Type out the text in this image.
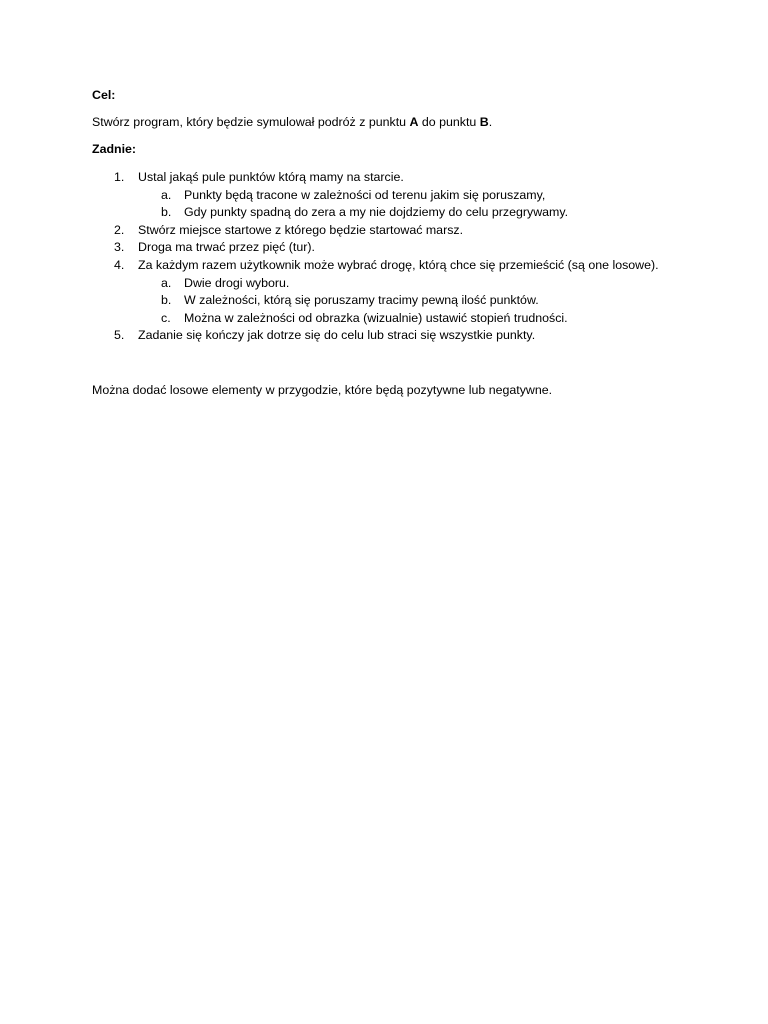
Cel:

Stwórz program, który będzie symulował podróż z punktu A do punktu B.

Zadnie:

1. Ustal jakąś pule punktów którą mamy na starcie.
a. Punkty będą tracone w zależności od terenu jakim się poruszamy,
b. Gdy punkty spadną do zera a my nie dojdziemy do celu przegrywamy.
2. Stwórz miejsce startowe z którego będzie startować marsz.
3. Droga ma trwać przez pięć (tur).
4. Za każdym razem użytkownik może wybrać drogę, którą chce się przemieścić (są one losowe).
a. Dwie drogi wyboru.
b. W zależności, którą się poruszamy tracimy pewną ilość punktów.
c. Można w zależności od obrazka (wizualnie) ustawić stopień trudności.
5. Zadanie się kończy jak dotrze się do celu lub straci się wszystkie punkty.

Można dodać losowe elementy w przygodzie, które będą pozytywne lub negatywne.
